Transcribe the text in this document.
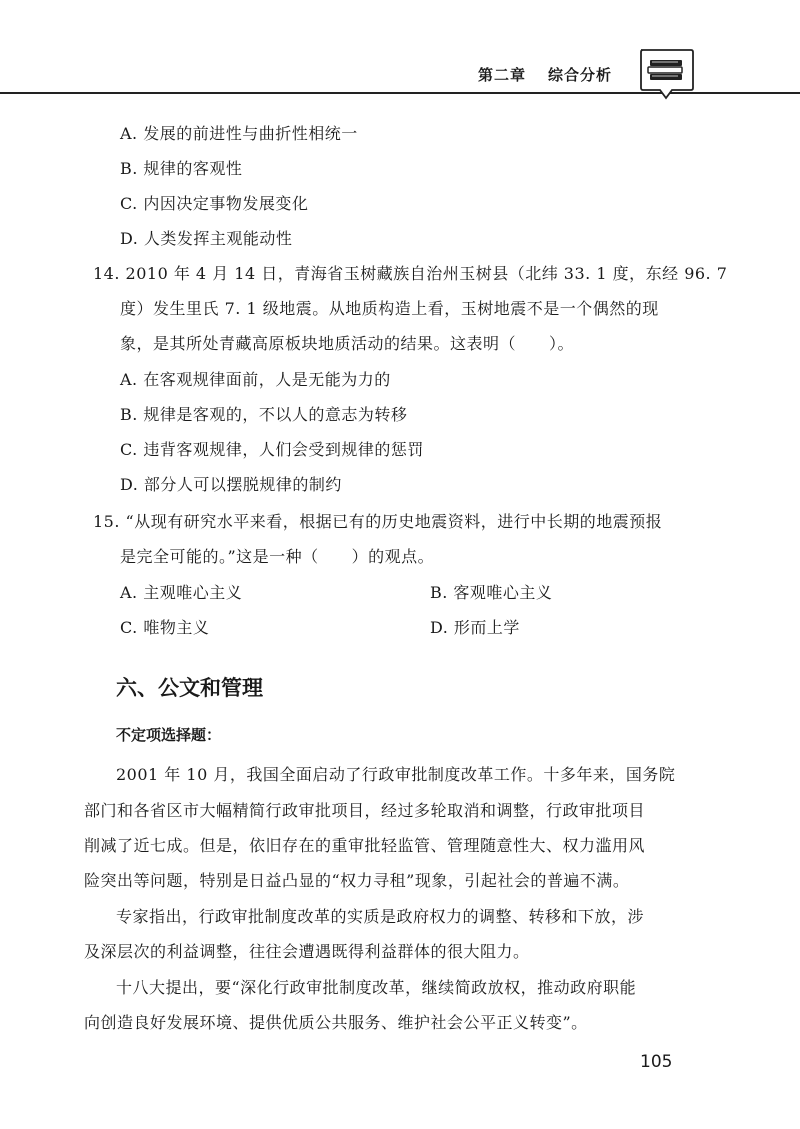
第二章 综合分析
A. 发展的前进性与曲折性相统一
B. 规律的客观性
C. 内因决定事物发展变化
D. 人类发挥主观能动性
14. 2010 年 4 月 14 日，青海省玉树藏族自治州玉树县（北纬 33. 1 度，东经 96. 7
度）发生里氏 7. 1 级地震。从地质构造上看，玉树地震不是一个偶然的现
象，是其所处青藏高原板块地质活动的结果。这表明（　　）。
A. 在客观规律面前，人是无能为力的
B. 规律是客观的，不以人的意志为转移
C. 违背客观规律，人们会受到规律的惩罚
D. 部分人可以摆脱规律的制约
15. “从现有研究水平来看，根据已有的历史地震资料，进行中长期的地震预报
是完全可能的。”这是一种（　　）的观点。
A. 主观唯心主义	B. 客观唯心主义
C. 唯物主义	D. 形而上学
六、公文和管理
不定项选择题：
2001 年 10 月，我国全面启动了行政审批制度改革工作。十多年来，国务院
部门和各省区市大幅精简行政审批项目，经过多轮取消和调整，行政审批项目
削减了近七成。但是，依旧存在的重审批轻监管、管理随意性大、权力滥用风
险突出等问题，特别是日益凸显的“权力寻租”现象，引起社会的普遍不满。
专家指出，行政审批制度改革的实质是政府权力的调整、转移和下放，涉
及深层次的利益调整，往往会遭遇既得利益群体的很大阻力。
十八大提出，要“深化行政审批制度改革，继续简政放权，推动政府职能
向创造良好发展环境、提供优质公共服务、维护社会公平正义转变”。
105
